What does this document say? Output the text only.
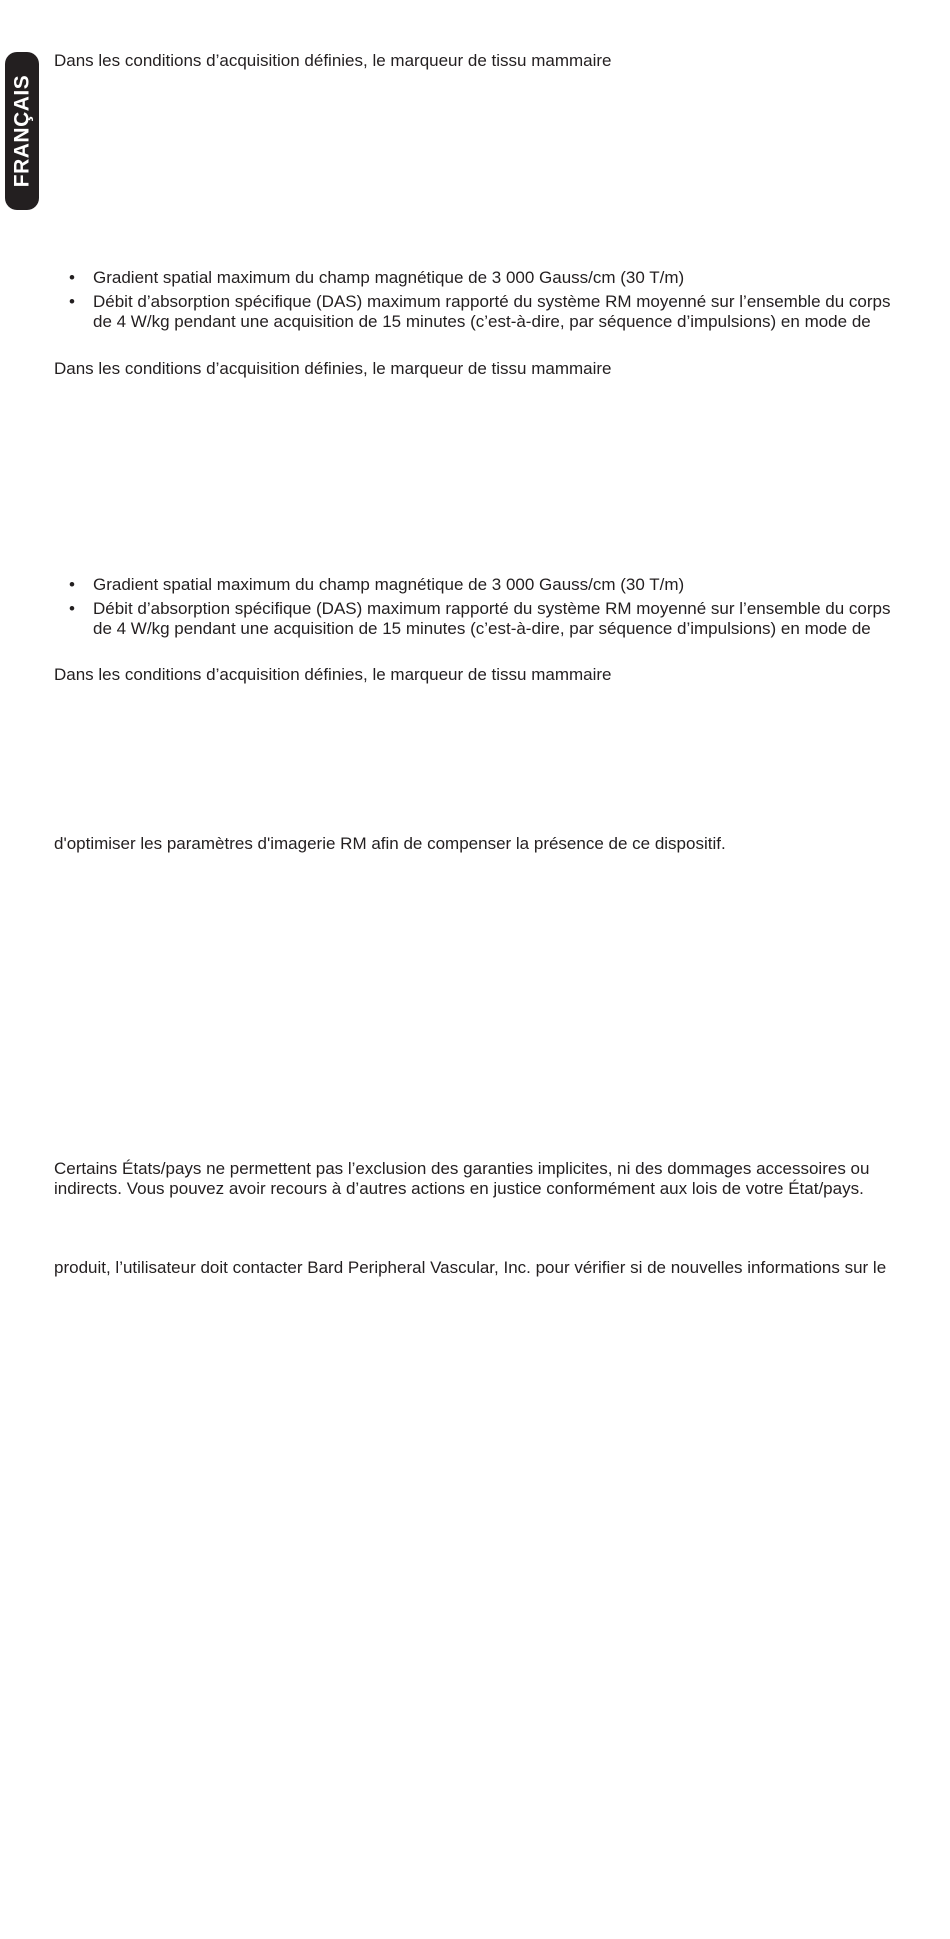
FRANÇAIS

Dans les conditions d’acquisition définies, le marqueur de tissu mammaire

• Gradient spatial maximum du champ magnétique de 3 000 Gauss/cm (30 T/m)
• Débit d’absorption spécifique (DAS) maximum rapporté du système RM moyenné sur l’ensemble du corps de 4 W/kg pendant une acquisition de 15 minutes (c’est-à-dire, par séquence d’impulsions) en mode de

Dans les conditions d’acquisition définies, le marqueur de tissu mammaire

• Gradient spatial maximum du champ magnétique de 3 000 Gauss/cm (30 T/m)
• Débit d’absorption spécifique (DAS) maximum rapporté du système RM moyenné sur l’ensemble du corps de 4 W/kg pendant une acquisition de 15 minutes (c’est-à-dire, par séquence d’impulsions) en mode de

Dans les conditions d’acquisition définies, le marqueur de tissu mammaire

d'optimiser les paramètres d'imagerie RM afin de compenser la présence de ce dispositif.

Certains États/pays ne permettent pas l’exclusion des garanties implicites, ni des dommages accessoires ou indirects. Vous pouvez avoir recours à d’autres actions en justice conformément aux lois de votre État/pays.

produit, l’utilisateur doit contacter Bard Peripheral Vascular, Inc. pour vérifier si de nouvelles informations sur le
